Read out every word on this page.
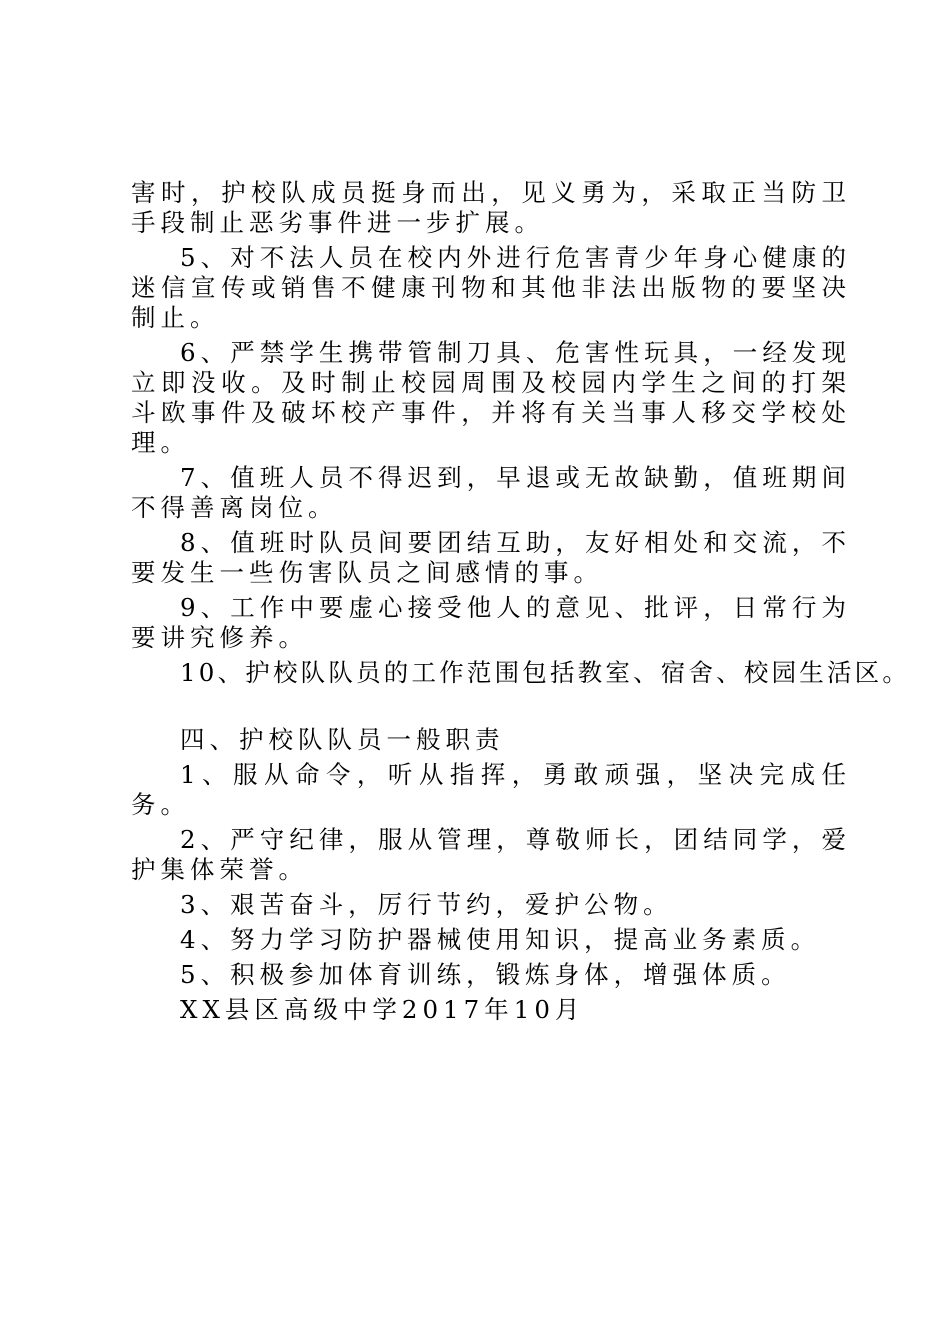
害时，护校队成员挺身而出，见义勇为，采取正当防卫手段制止恶劣事件进一步扩展。

5、对不法人员在校内外进行危害青少年身心健康的迷信宣传或销售不健康刊物和其他非法出版物的要坚决制止。

6、严禁学生携带管制刀具、危害性玩具，一经发现立即没收。及时制止校园周围及校园内学生之间的打架斗欧事件及破坏校产事件，并将有关当事人移交学校处理。

7、值班人员不得迟到，早退或无故缺勤，值班期间不得善离岗位。

8、值班时队员间要团结互助，友好相处和交流，不要发生一些伤害队员之间感情的事。

9、工作中要虚心接受他人的意见、批评，日常行为要讲究修养。

10、护校队队员的工作范围包括教室、宿舍、校园生活区。

四、护校队队员一般职责

1、服从命令，听从指挥，勇敢顽强，坚决完成任务。

2、严守纪律，服从管理，尊敬师长，团结同学，爱护集体荣誉。

3、艰苦奋斗，厉行节约，爱护公物。

4、努力学习防护器械使用知识，提高业务素质。

5、积极参加体育训练，锻炼身体，增强体质。

XX县区高级中学2017年10月
